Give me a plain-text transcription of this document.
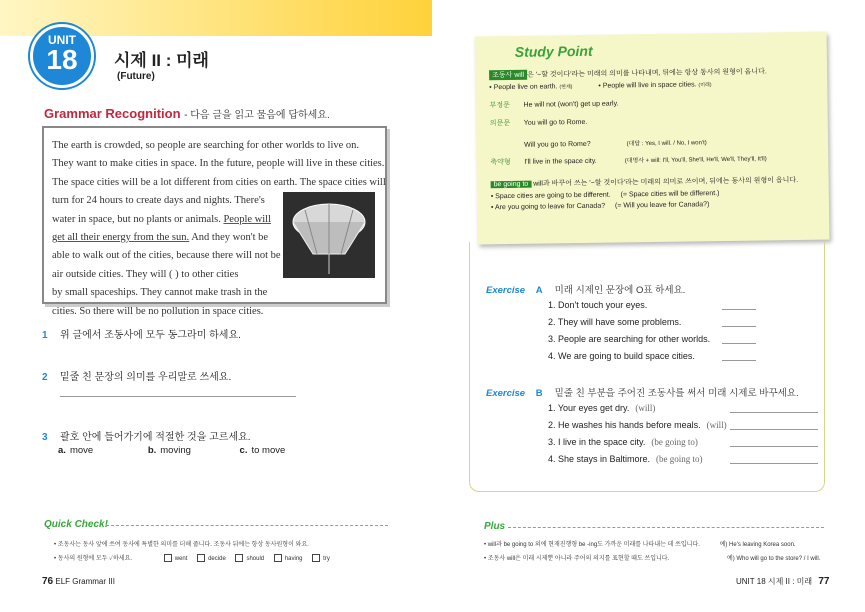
UNIT
18	시제 II : 미래
(Future)
Grammar Recognition - 다음 글을 읽고 물음에 답하세요.

The earth is crowded, so people are searching for other worlds to live on.

They want to make cities in space. In the future, people will live in these cities.

The space cities will be a lot different from cities on earth. The space cities will

turn for 24 hours to create days and nights. There's

water in space, but no plants or animals. People will

get all their energy from the sun. And they won't be

able to walk out of the cities, because there will not be

air outside cities. They will ( ) to other cities

by small spaceships. They cannot make trash in the

cities. So there will be no pollution in space cities.

1 위 글에서 조동사에 모두 동그라미 하세요.
2 밑줄 친 문장의 의미를 우리말로 쓰세요.
3 괄호 안에 들어가기에 적절한 것을 고르세요.
a. move	b. moving	c. to move
Quick Check!
• 조동사는 동사 앞에 쓰여 동사에 특별한 의미를 더해 줍니다. 조동사 뒤에는 항상 동사원형이 와요.
• 동사의 원형에 모두 ✓하세요.	went	decide	should	having	try
76 ELF Grammar III
Study Point
조동사 will 은 '~할 것이다'라는 미래의 의미를 나타내며, 뒤에는 항상 동사의 원형이 옵니다.
• People live on earth. (현재)	• People will live in space cities. (미래)
부정문 He will not (won't) get up early.
의문문 You will go to Rome.
Will you go to Rome?	(대답 : Yes, I will. / No, I won't)
축약형 I'll live in the space city.	(대명사 + will: I'll, You'll, She'll, He'll, We'll, They'll, It'll)
be going to will과 바꾸어 쓰는 '~할 것이다'라는 미래의 의미로 쓰이며, 뒤에는 동사의 원형이 옵니다.
• Space cities are going to be different. (= Space cities will be different.)
• Are you going to leave for Canada? (= Will you leave for Canada?)
Exercise A 미래 시제인 문장에 O표 하세요.
1. Don't touch your eyes.
2. They will have some problems.
3. People are searching for other worlds.
4. We are going to build space cities.
Exercise B 밑줄 친 부분을 주어진 조동사를 써서 미래 시제로 바꾸세요.
1. Your eyes get dry. (will)
2. He washes his hands before meals. (will)
3. I live in the space city. (be going to)
4. She stays in Baltimore. (be going to)
Plus
• will과 be going to 외에 현재진행형 be -ing도 가까운 미래를 나타내는 데 쓰입니다.	예) He's leaving Korea soon.
• 조동사 will은 미래 시제뿐 아니라 주어의 의지를 표현할 때도 쓰입니다.	예) Who will go to the store? / I will.
UNIT 18 시제 II : 미래 77
